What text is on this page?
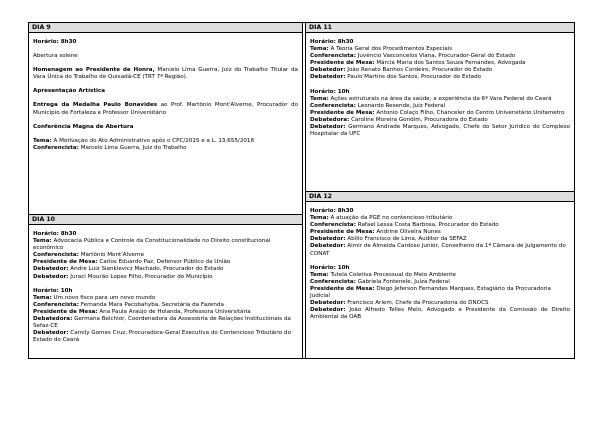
DIA 9

Horário: 8h30

Abertura solene

Homenagem ao Presidente de Honra, Marcelo Lima Guerra, Juiz do Trabalho Titular da Vara Única do Trabalho de Quixadá-CE (TRT 7ª Região).

Apresentação Artística

Entrega da Medalha Paulo Bonavides ao Prof. Martônio Mont'Alverne, Procurador do Município de Fortaleza e Professor Universitário

Conferência Magna de Abertura

Tema: A Motivação do Ato Administrativo após o CPC/2015 e a L. 13.655/2018

Conferencista: Marcelo Lima Guerra, Juiz do Trabalho

DIA 10

Horário: 8h30

Tema: Advocacia Pública e Controle da Constitucionalidade no Direito constitucional econômico

Conferencista: Martônio Mont'Alverne

Presidente de Mesa: Carlos Eduardo Paz, Defensor Público da União

Debatedor: Andre Luiz Sienkievicz Machado, Procurador do Estado

Debatedor: Juraci Mourão Lopes Filho, Procurador do Município

Horário: 10h

Tema: Um novo fisco para um novo mundo

Conferencista: Fernanda Mara Pacobahyba, Secretária da Fazenda

Presidente de Mesa: Ana Paula Araújo de Holanda, Professora Universitária

Debatedora: Germana Belchior, Coordenadora da Assessoria de Relações Institucionais da Sefaz-CE

Debatedor: Camily Gomes Cruz, Procuradora-Geral Executiva do Contencioso Tributário do Estado do Ceará

DIA 11

Horário: 8h30

Tema: A Teoria Geral dos Procedimentos Especiais

Conferencista: Juvêncio Vasconcelos Viana, Procurador-Geral do Estado

Presidente de Mesa: Márcia Maria dos Santos Souza Fernandes, Advogada

Debatedor: João Renato Banhos Cordeiro, Procurador do Estado

Debatedor: Paulo Martins dos Santos, Procurador do Estado

Horário: 10h

Tema: Ações estruturais na área da saúde: a experiência da 6ª Vara Federal do Ceará

Conferencista: Leonardo Resende, Juiz Federal

Presidente de Mesa: Antonio Colaço Filho, Chanceler do Centro Universitário Unifametro

Debatedora: Caroline Moreira Gondim, Procuradora do Estado

Debatedor: Germano Andrade Marques, Advogado, Chefe do Setor Jurídico do Complexo Hospitalar da UFC

DIA 12

Horário: 8h30

Tema: A atuação da PGE no contencioso tributário

Conferencista: Rafael Lessa Costa Barbosa, Procurador do Estado

Presidente de Mesa: Andrine Oliveira Nunes

Debatedor: Abílio Francisco de Lima, Auditor da SEFAZ

Debatedor: Almir de Almeida Cardoso Junior, Conselheiro da 1ª Câmara de Julgamento do CONAT

Horário: 10h

Tema: Tutela Coletiva Processual do Meio Ambiente

Conferencista: Gabriela Fontenele, Juíza Federal

Presidente de Mesa: Diego Jeferson Fernandes Marques, Estagiário da Procuradoria Judicial

Debatedor: Francisco Arlem, Chefe da Procuradoria do DNOCS

Debatedor: João Alfredo Telles Melo, Advogado e Presidente da Comissão de Direito Ambiental da OAB
